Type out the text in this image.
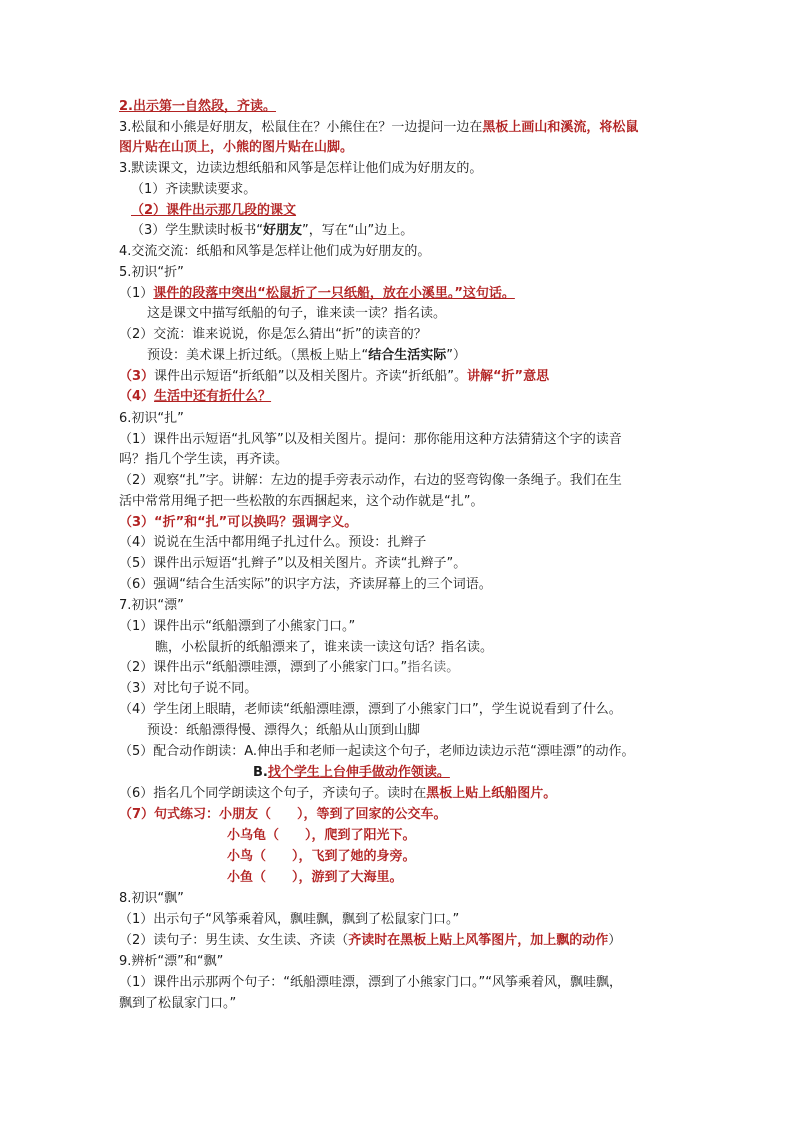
2.出示第一自然段，齐读。
3.松鼠和小熊是好朋友，松鼠住在？小熊住在？一边提问一边在黑板上画山和溪流，将松鼠
图片贴在山顶上，小熊的图片贴在山脚。
3.默读课文，边读边想纸船和风筝是怎样让他们成为好朋友的。
（1）齐读默读要求。
（2）课件出示那几段的课文
（3）学生默读时板书“好朋友”，写在“山”边上。
4.交流交流：纸船和风筝是怎样让他们成为好朋友的。
5.初识“折”
（1）课件的段落中突出“松鼠折了一只纸船，放在小溪里。”这句话。
这是课文中描写纸船的句子，谁来读一读？指名读。
（2）交流：谁来说说，你是怎么猜出“折”的读音的？
预设：美术课上折过纸。（黑板上贴上“结合生活实际”）
（3）课件出示短语“折纸船”以及相关图片。齐读“折纸船”。讲解“折”意思
（4）生活中还有折什么？
6.初识“扎”
（1）课件出示短语“扎风筝”以及相关图片。提问：那你能用这种方法猜猜这个字的读音
吗？指几个学生读，再齐读。
（2）观察“扎”字。讲解：左边的提手旁表示动作，右边的竖弯钩像一条绳子。我们在生
活中常常用绳子把一些松散的东西捆起来，这个动作就是“扎”。
（3）“折”和“扎”可以换吗？强调字义。
（4）说说在生活中都用绳子扎过什么。预设：扎辫子
（5）课件出示短语“扎辫子”以及相关图片。齐读“扎辫子”。
（6）强调“结合生活实际”的识字方法，齐读屏幕上的三个词语。
7.初识“漂”
（1）课件出示“纸船漂到了小熊家门口。”
瞧，小松鼠折的纸船漂来了，谁来读一读这句话？指名读。
（2）课件出示“纸船漂哇漂，漂到了小熊家门口。”指名读。
（3）对比句子说不同。
（4）学生闭上眼睛，老师读“纸船漂哇漂，漂到了小熊家门口”，学生说说看到了什么。
预设：纸船漂得慢、漂得久；纸船从山顶到山脚
（5）配合动作朗读：A.伸出手和老师一起读这个句子，老师边读边示范“漂哇漂”的动作。
B.找个学生上台伸手做动作领读。
（6）指名几个同学朗读这个句子，齐读句子。读时在黑板上贴上纸船图片。
（7）句式练习：小朋友（　　），等到了回家的公交车。
小乌龟（　　），爬到了阳光下。
小鸟（　　），飞到了她的身旁。
小鱼（　　），游到了大海里。
8.初识“飘”
（1）出示句子“风筝乘着风，飘哇飘，飘到了松鼠家门口。”
（2）读句子：男生读、女生读、齐读（齐读时在黑板上贴上风筝图片，加上飘的动作）
9.辨析“漂”和“飘”
（1）课件出示那两个句子：“纸船漂哇漂，漂到了小熊家门口。”“风筝乘着风，飘哇飘，
飘到了松鼠家门口。”
